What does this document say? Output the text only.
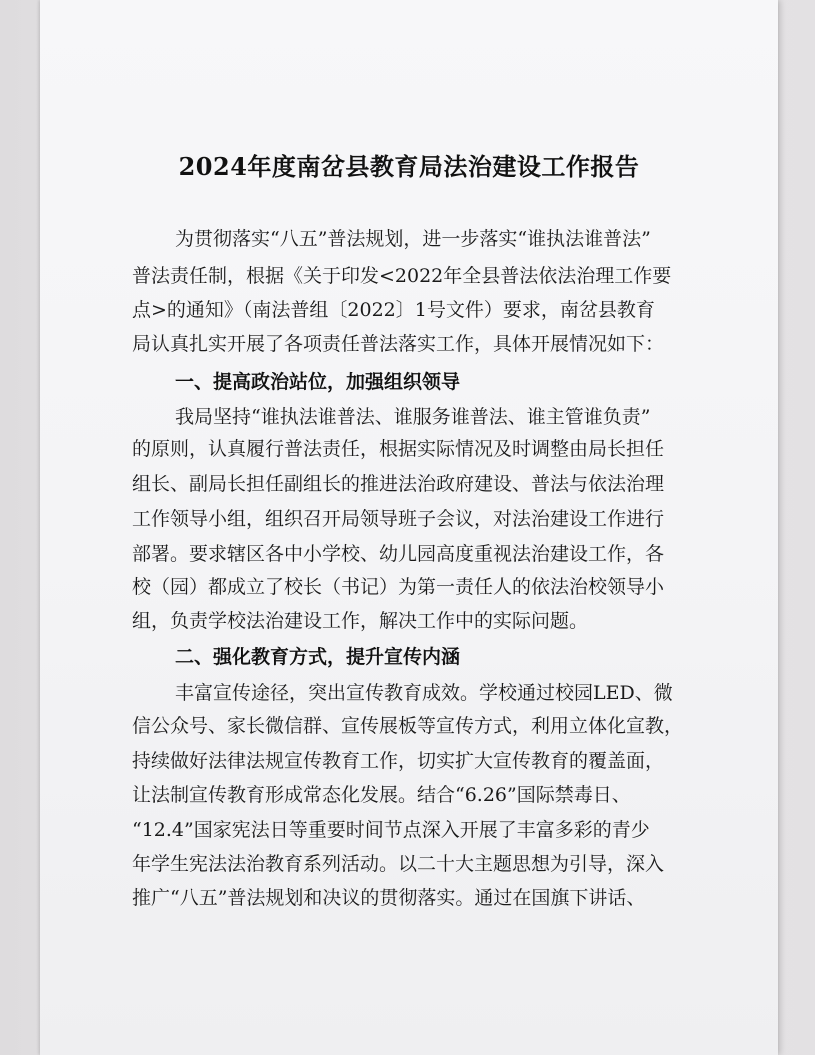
2024年度南岔县教育局法治建设工作报告
为贯彻落实“八五”普法规划，进一步落实“谁执法谁普法”
普法责任制，根据《关于印发<2022年全县普法依法治理工作要
点>的通知》（南法普组〔2022〕1号文件）要求，南岔县教育
局认真扎实开展了各项责任普法落实工作，具体开展情况如下：
一、提高政治站位，加强组织领导
我局坚持“谁执法谁普法、谁服务谁普法、谁主管谁负责”
的原则，认真履行普法责任，根据实际情况及时调整由局长担任
组长、副局长担任副组长的推进法治政府建设、普法与依法治理
工作领导小组，组织召开局领导班子会议，对法治建设工作进行
部署。要求辖区各中小学校、幼儿园高度重视法治建设工作，各
校（园）都成立了校长（书记）为第一责任人的依法治校领导小
组，负责学校法治建设工作，解决工作中的实际问题。
二、强化教育方式，提升宣传内涵
丰富宣传途径，突出宣传教育成效。学校通过校园LED、微
信公众号、家长微信群、宣传展板等宣传方式，利用立体化宣教，
持续做好法律法规宣传教育工作，切实扩大宣传教育的覆盖面，
让法制宣传教育形成常态化发展。结合“6.26”国际禁毒日、
“12.4”国家宪法日等重要时间节点深入开展了丰富多彩的青少
年学生宪法法治教育系列活动。以二十大主题思想为引导，深入
推广“八五”普法规划和决议的贯彻落实。通过在国旗下讲话、
